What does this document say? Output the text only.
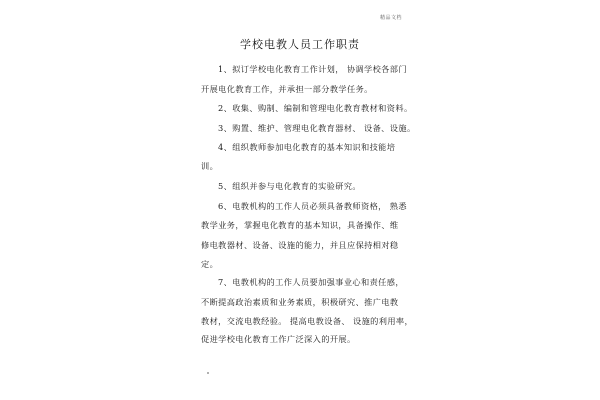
精品文档
学校电教人员工作职责
1、拟订学校电化教育工作计划， 协调学校各部门
开展电化教育工作，并承担一部分教学任务。
2、收集、购制、编制和管理电化教育教材和资料。
3、购置、维护、管理电化教育器材、 设备、设施。
4、组织教师参加电化教育的基本知识和技能培
训。
5、组织并参与电化教育的实验研究。
6、电教机构的工作人员必须具备教师资格， 熟悉
教学业务，掌握电化教育的基本知识，具备操作、维
修电教器材、设备、设施的能力，并且应保持相对稳
定。
7、电教机构的工作人员要加强事业心和责任感，
不断提高政治素质和业务素质，积极研究、推广电教
教材，交流电教经验。 提高电教设备、 设施的利用率，
促进学校电化教育工作广泛深入的开展。
